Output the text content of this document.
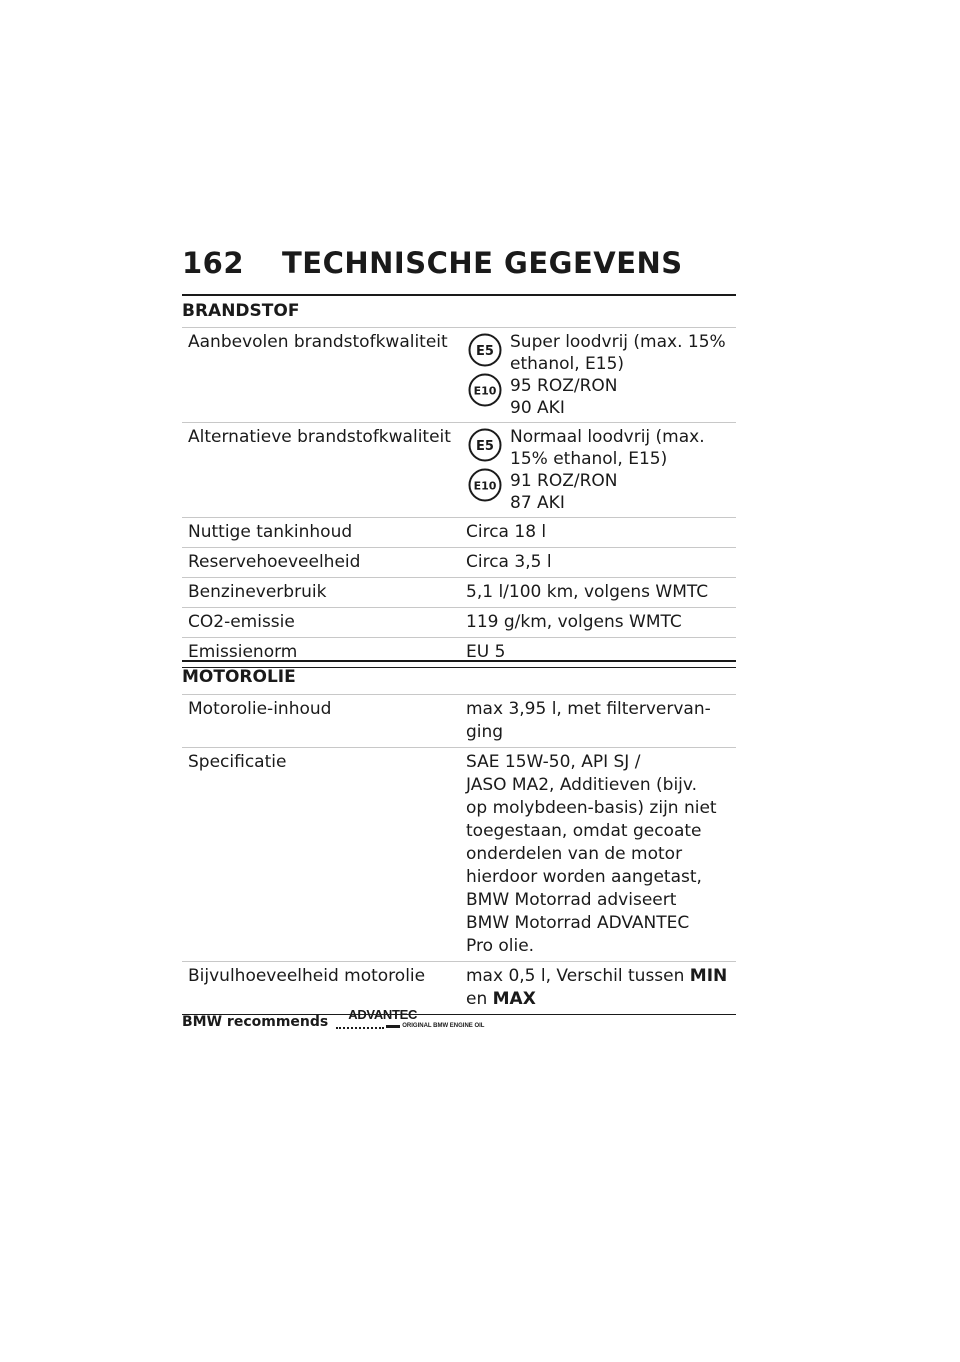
162 TECHNISCHE GEGEVENS
BRANDSTOF
Aanbevolen brandstofkwaliteit	E5
E10
Super loodvrij (max. 15%
ethanol, E15)
95 ROZ/RON
90 AKI
Alternatieve brandstofkwaliteit	E5
E10
Normaal loodvrij (max.
15% ethanol, E15)
91 ROZ/RON
87 AKI
Nuttige tankinhoud	Circa 18 l
Reservehoeveelheid	Circa 3,5 l
Benzineverbruik	5,1 l/100 km, volgens WMTC
CO2-emissie	119 g/km, volgens WMTC
Emissienorm	EU 5
MOTOROLIE
Motorolie-inhoud	max 3,95 l, met filtervervan-
ging
Specificatie	SAE 15W-50, API SJ /
JASO MA2, Additieven (bijv.
op molybdeen-basis) zijn niet
toegestaan, omdat gecoate
onderdelen van de motor
hierdoor worden aangetast,
BMW Motorrad adviseert
BMW Motorrad ADVANTEC
Pro olie.
Bijvulhoeveelheid motorolie	max 0,5 l, Verschil tussen MIN
en MAX
BMW recommends ADVANTEC
ORIGINAL BMW ENGINE OIL
